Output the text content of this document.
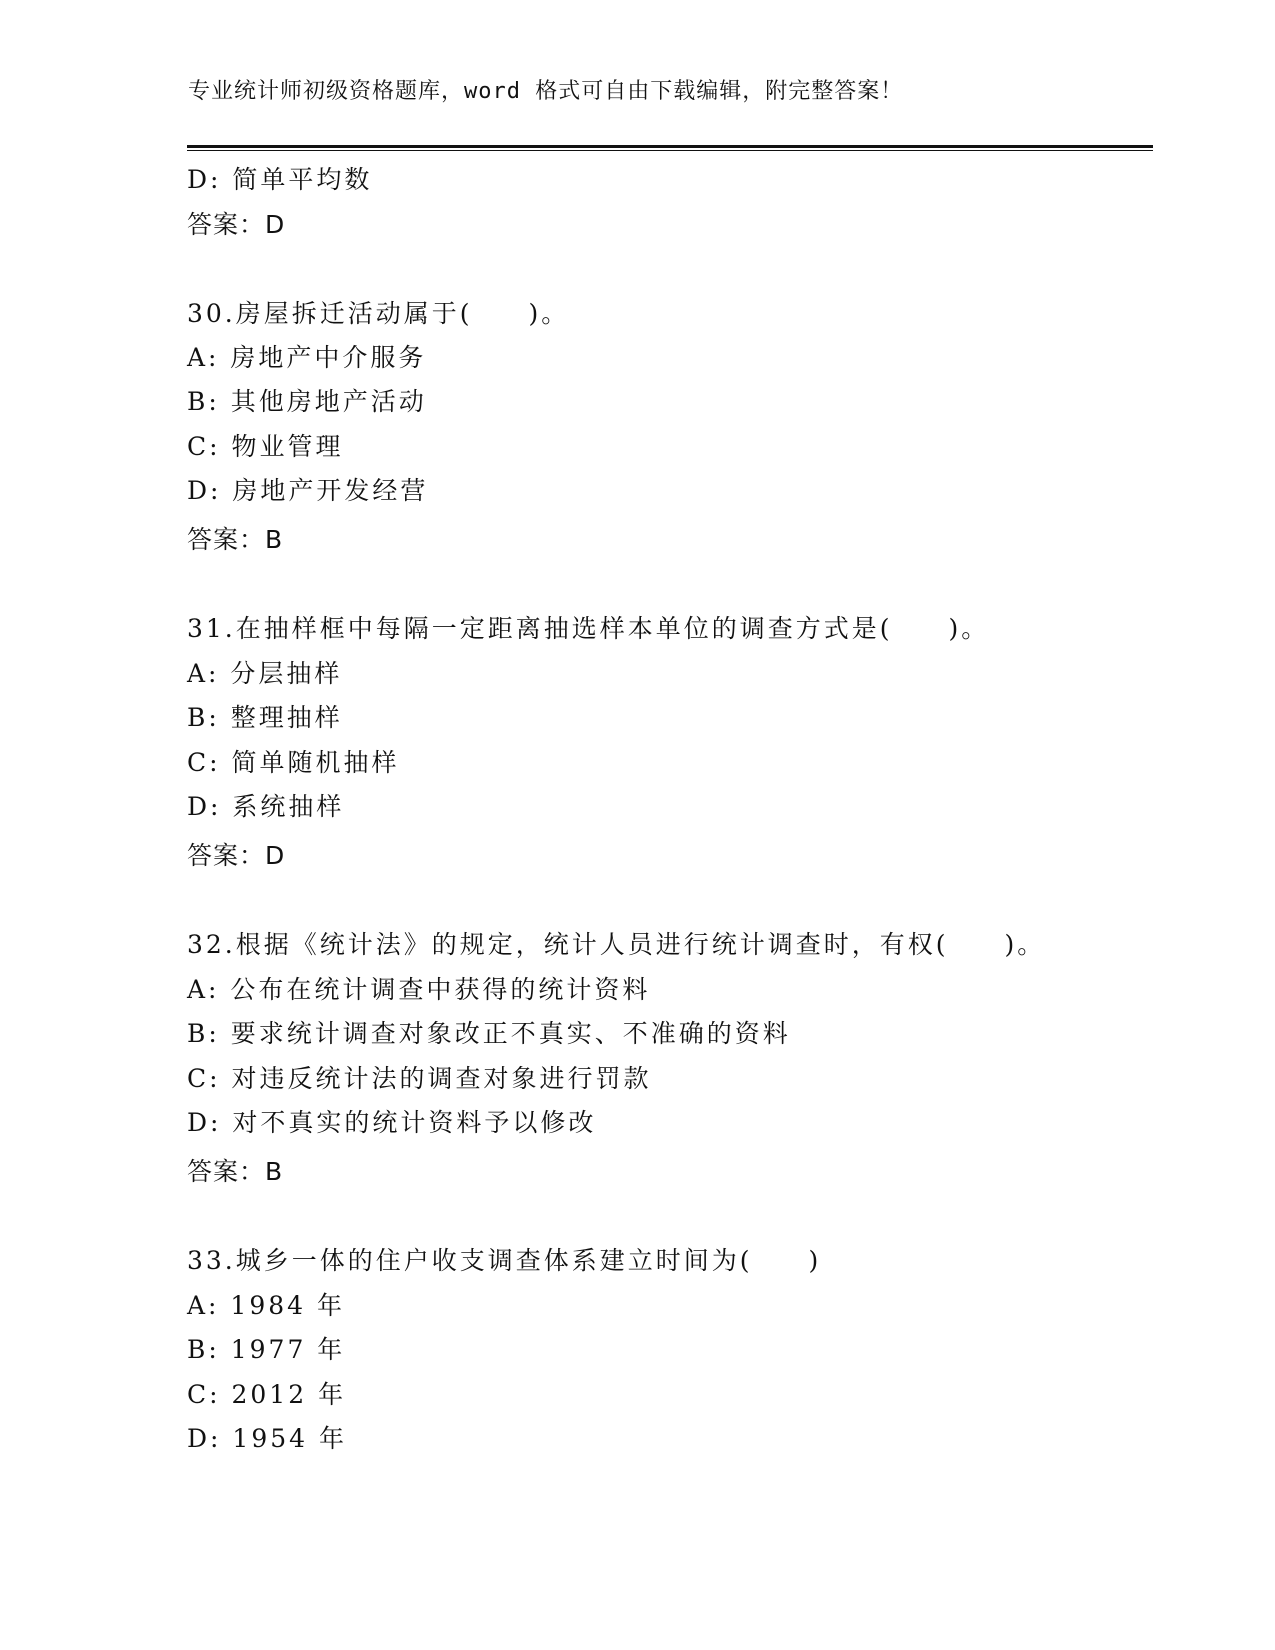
专业统计师初级资格题库，word 格式可自由下载编辑，附完整答案！
D: 简单平均数
答案：D
30.房屋拆迁活动属于(　　)。
A: 房地产中介服务
B: 其他房地产活动
C: 物业管理
D: 房地产开发经营
答案：B
31.在抽样框中每隔一定距离抽选样本单位的调查方式是(　　)。
A: 分层抽样
B: 整理抽样
C: 简单随机抽样
D: 系统抽样
答案：D
32.根据《统计法》的规定，统计人员进行统计调查时，有权(　　)。
A: 公布在统计调查中获得的统计资料
B: 要求统计调查对象改正不真实、不准确的资料
C: 对违反统计法的调查对象进行罚款
D: 对不真实的统计资料予以修改
答案：B
33.城乡一体的住户收支调查体系建立时间为(　　)
A: 1984 年
B: 1977 年
C: 2012 年
D: 1954 年
